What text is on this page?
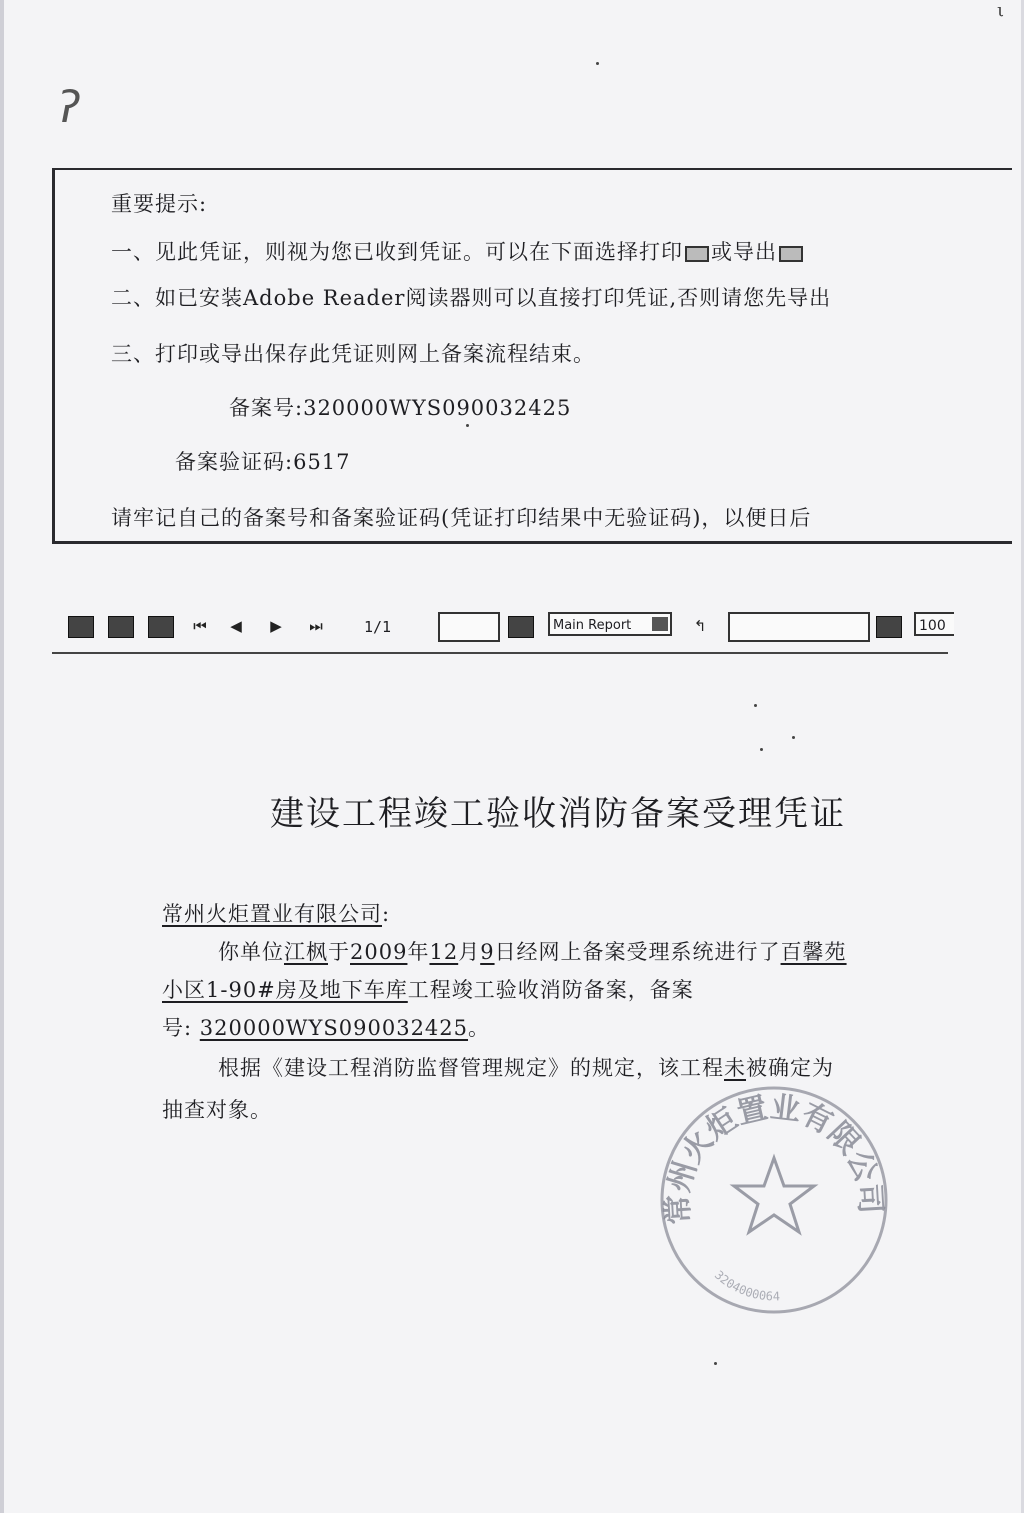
ʔ
ι
重要提示:
一、见此凭证，则视为您已收到凭证。可以在下面选择打印 或导出
二、如已安装Adobe Reader阅读器则可以直接打印凭证,否则请您先导出
三、打印或导出保存此凭证则网上备案流程结束。
备案号:320000WYS090032425
备案验证码:6517
请牢记自己的备案号和备案验证码(凭证打印结果中无验证码)，以便日后
⏮	◀	▶	⏭	1/1	Main Report	↰	100
建设工程竣工验收消防备案受理凭证
常州火炬置业有限公司:
你单位江枫于2009年12月9日经网上备案受理系统进行了百馨苑
小区1-90#房及地下车库工程竣工验收消防备案，备案
号: 320000WYS090032425。
根据《建设工程消防监督管理规定》的规定，该工程未被确定为
抽查对象。
常州火炬置业有限公司
3204000064
